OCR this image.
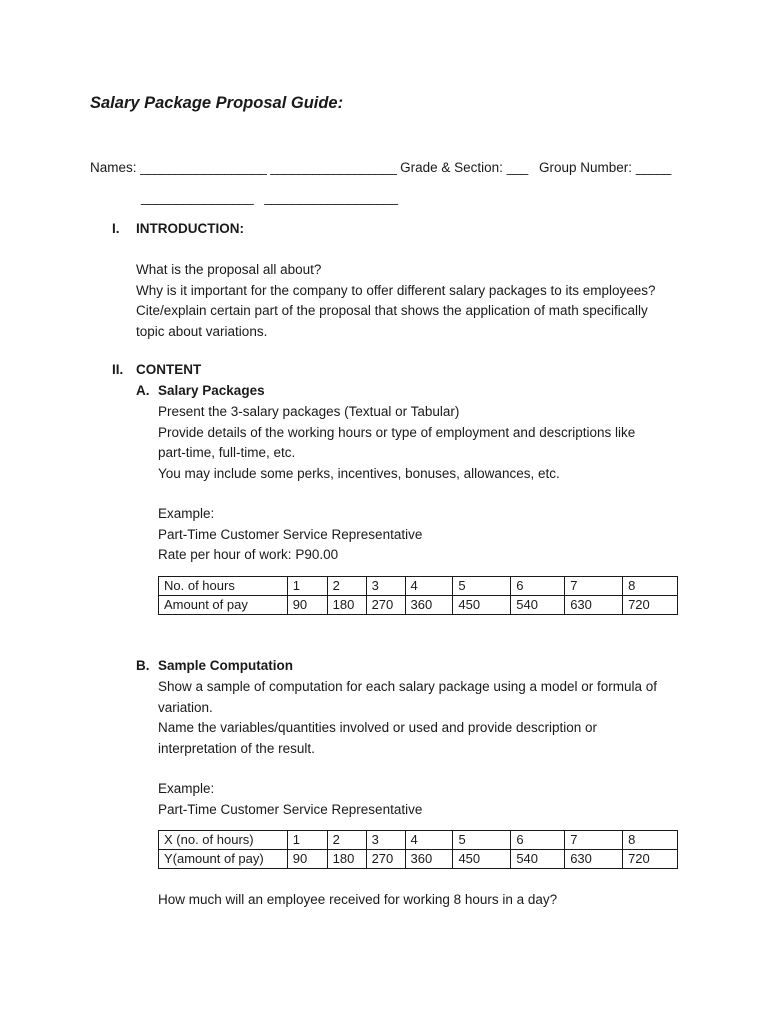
Salary Package Proposal Guide:
Names: __________________ __________________ Grade & Section: ___ Group Number: _____
________________ ___________________
I. INTRODUCTION:
What is the proposal all about?
Why is it important for the company to offer different salary packages to its employees?
Cite/explain certain part of the proposal that shows the application of math specifically
topic about variations.
II. CONTENT
A. Salary Packages
Present the 3-salary packages (Textual or Tabular)
Provide details of the working hours or type of employment and descriptions like
part-time, full-time, etc.
You may include some perks, incentives, bonuses, allowances, etc.
Example:
Part-Time Customer Service Representative
Rate per hour of work: P90.00
No. of hours	1	2	3	4	5	6	7	8
Amount of pay	90	180	270	360	450	540	630	720
B. Sample Computation
Show a sample of computation for each salary package using a model or formula of
variation.
Name the variables/quantities involved or used and provide description or
interpretation of the result.
Example:
Part-Time Customer Service Representative
X (no. of hours)	1	2	3	4	5	6	7	8
Y(amount of pay)	90	180	270	360	450	540	630	720
How much will an employee received for working 8 hours in a day?
